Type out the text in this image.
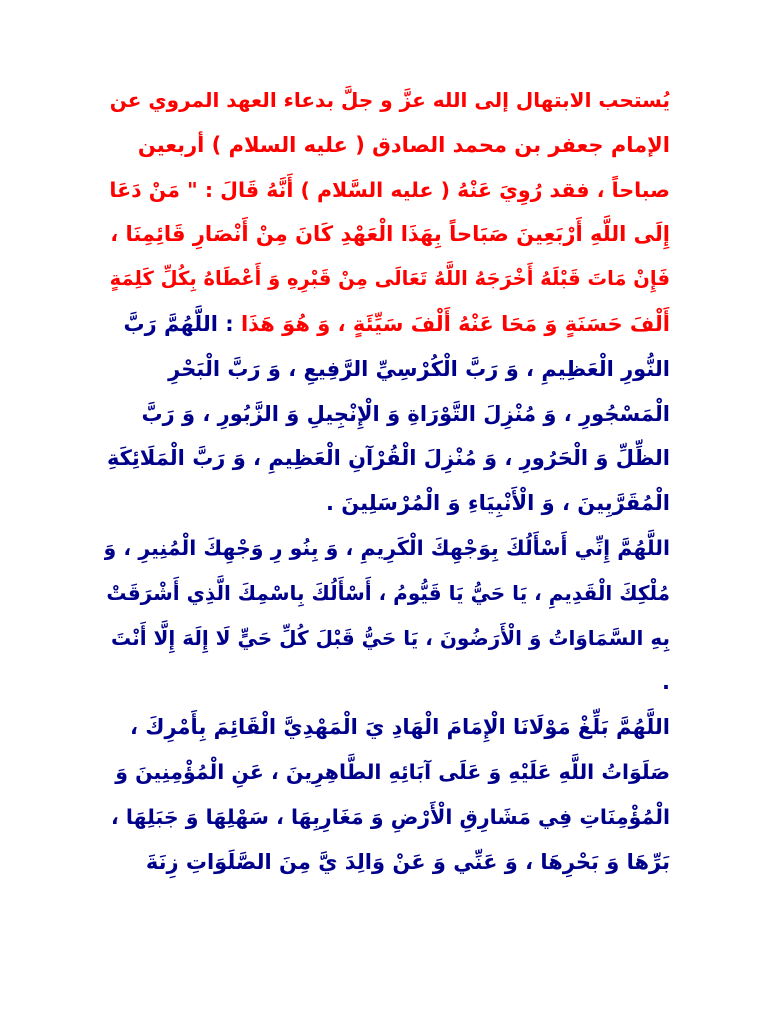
يُستحب الابتهال إلى الله عزَّ و جلَّ بدعاء العهد المروي عن
الإمام جعفر بن محمد الصادق ( عليه السلام ) أربعين
صباحاً ، فقد رُوِيَ عَنْهُ ( عليه السَّلام ) أَنَّهُ قَالَ : " مَنْ دَعَا
إِلَى اللَّهِ أَرْبَعِينَ صَبَاحاً بِهَذَا الْعَهْدِ كَانَ مِنْ أَنْصَارِ قَائِمِنَا ،
فَإِنْ مَاتَ قَبْلَهُ أَخْرَجَهُ اللَّهُ تَعَالَى مِنْ قَبْرِهِ وَ أَعْطَاهُ بِكُلِّ كَلِمَةٍ
أَلْفَ حَسَنَةٍ وَ مَحَا عَنْهُ أَلْفَ سَيِّئَةٍ ، وَ هُوَ هَذَا : اللَّهُمَّ رَبَّ
النُّورِ الْعَظِيمِ ، وَ رَبَّ الْكُرْسِيِّ الرَّفِيعِ ، وَ رَبَّ الْبَحْرِ
الْمَسْجُورِ ، وَ مُنْزِلَ التَّوْرَاةِ وَ الْإِنْجِيلِ وَ الزَّبُورِ ، وَ رَبَّ
الظِّلِّ وَ الْحَرُورِ ، وَ مُنْزِلَ الْقُرْآنِ الْعَظِيمِ ، وَ رَبَّ الْمَلَائِكَةِ
الْمُقَرَّبِينَ ، وَ الْأَنْبِيَاءِ وَ الْمُرْسَلِينَ .
اللَّهُمَّ إِنِّي أَسْأَلُكَ بِوَجْهِكَ الْكَرِيمِ ، وَ بِنُو رِ وَجْهِكَ الْمُنِيرِ ، وَ
مُلْكِكَ الْقَدِيمِ ، يَا حَيُّ يَا قَيُّومُ ، أَسْأَلُكَ بِاسْمِكَ الَّذِي أَشْرَقَتْ
بِهِ السَّمَاوَاتُ وَ الْأَرَضُونَ ، يَا حَيُّ قَبْلَ كُلِّ حَيٍّ لَا إِلَهَ إِلَّا أَنْتَ
.
اللَّهُمَّ بَلِّغْ مَوْلَانَا الْإِمَامَ الْهَادِ يَ الْمَهْدِيَّ الْقَائِمَ بِأَمْرِكَ ،
صَلَوَاتُ اللَّهِ عَلَيْهِ وَ عَلَى آبَائِهِ الطَّاهِرِينَ ، عَنِ الْمُؤْمِنِينَ وَ
الْمُؤْمِنَاتِ فِي مَشَارِقِ الْأَرْضِ وَ مَغَارِبِهَا ، سَهْلِهَا وَ جَبَلِهَا ،
بَرِّهَا وَ بَحْرِهَا ، وَ عَنِّي وَ عَنْ وَالِدَ يَّ مِنَ الصَّلَوَاتِ زِنَةَ
